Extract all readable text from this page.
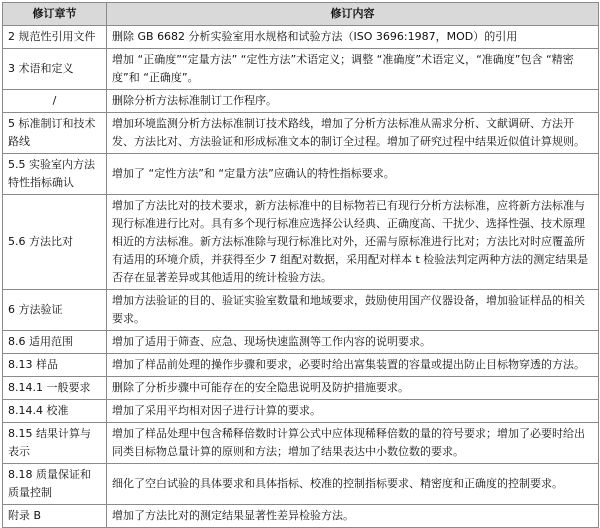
修订章节	修订内容
2 规范性引用文件	删除 GB 6682 分析实验室用水规格和试验方法（ISO 3696:1987，MOD）的引用
3 术语和定义	增加 “正确度”“定量方法” “定性方法”术语定义；调整 “准确度”术语定义，“准确度”包含 “精密度”和 “正确度”。
/	删除分析方法标准制订工作程序。
5 标准制订和技术路线	增加环境监测分析方法标准制订技术路线，增加了分析方法标准从需求分析、文献调研、方法开发、方法比对、方法验证和形成标准文本的制订全过程。增加了研究过程中结果近似值计算规则。
5.5 实验室内方法特性指标确认	增加了 “定性方法”和 “定量方法”应确认的特性指标要求。
5.6 方法比对	增加了方法比对的技术要求，新方法标准中的目标物若已有现行分析方法标准，应将新方法标准与现行标准进行比对。具有多个现行标准应选择公认经典、正确度高、干扰少、选择性强、技术原理相近的方法标准。新方法标准除与现行标准比对外，还需与原标准进行比对；方法比对时应覆盖所有适用的环境介质，并获得至少 7 组配对数据，采用配对样本 t 检验法判定两种方法的测定结果是否存在显著差异或其他适用的统计检验方法。
6 方法验证	增加方法验证的目的、验证实验室数量和地域要求，鼓励使用国产仪器设备，增加验证样品的相关要求。
8.6 适用范围	增加了适用于筛查、应急、现场快速监测等工作内容的说明要求。
8.13 样品	增加了样品前处理的操作步骤和要求，必要时给出富集装置的容量或提出防止目标物穿透的方法。
8.14.1 一般要求	删除了分析步骤中可能存在的安全隐患说明及防护措施要求。
8.14.4 校准	增加了采用平均相对因子进行计算的要求。
8.15 结果计算与表示	增加了样品处理中包含稀释倍数时计算公式中应体现稀释倍数的量的符号要求；增加了必要时给出同类目标物总量计算的原则和方法；增加了结果表达中小数位数的要求。
8.18 质量保证和质量控制	细化了空白试验的具体要求和具体指标、校准的控制指标要求、精密度和正确度的控制要求。
附录 B	增加了方法比对的测定结果显著性差异检验方法。
